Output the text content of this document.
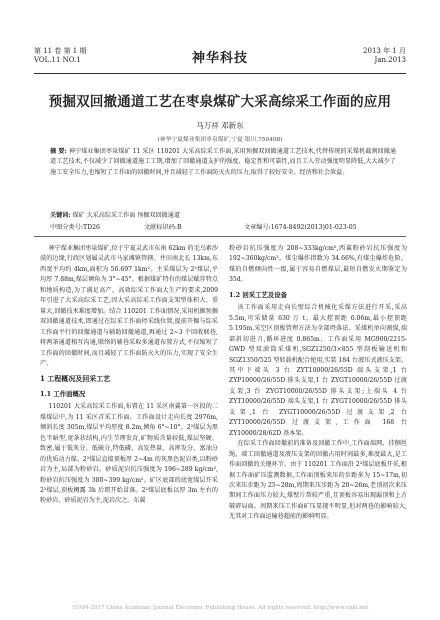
第 11 卷 第 1 期
VOL.11 NO.1	神华科技	2013 年 1 月
Jan.2013
预掘双回撤通道工艺在枣泉煤矿大采高综采工作面的应用
马万祥 邓新东
(神华宁夏煤业集团枣泉煤矿,宁夏 银川,750408)
摘 要: 神宁煤业集团枣泉煤矿 11 采区 110201 大采高综采工作面,采用预掘双回撤通道工艺技术,代替传统的采煤机截割回撤通道工艺技术,不仅减少了回撤通道施工工期,增加了回撤通道支护的强度、稳定性和可靠性,而且工人劳动强度明显降低,大大减少了施工安全压力,也缩短了工作面的回撤时间,并且减轻了工作面防灭火的压力,取得了较好安全、经济和社会效益。
关键词: 煤矿 大采高综采工作面 预掘双回撤通道
中图分类号:TD26	文献标识码:B	文章编号:1674-8492(2013)01-023-05

神宁煤业集团枣泉煤矿,位于宁夏灵武市东南 62km 的毛乌素沙漠的边缘,行政区划属灵武市马家滩镇管辖。井田南北长 13km,东西宽平均约 4km,面积为 56.697 1km²。主采煤层为 2²煤层,平均厚 7.88m,煤层倾角为 3°~45°。根据煤矿特有的煤层赋存特点和地质构造,为了满足高产、高效综采工作面大生产的要求,2009 年引进了大采高综采工艺,因大采高综采工作面支架型体积大、重量大,回撤技术难度增加。结合 110201 工作面情况,采用机掘预掘双回撤通道技术,即通过在综采工作面停采线位置,提前开掘与综采工作面平行的回撤通道与辅助回撤通道,再通过 2~3 个回收联巷,将两条通道相互沟通,联络的辅巷采取多通道布置方式,不仅缩短了工作面的回撤时间,而且减轻了工作面防灭火的压力,实现了安全生产。

1 工程概况及回采工艺
1.1 工作面概况

110201 大采高综采工作面,布置在 11 采区南翼第一区段的二煤煤层中,为 11 采区首采工作面。工作面设计走向长度 2976m,倾斜长度 305m,煤层平均厚度 8.2m,倾角 6°~10°。2²煤层为黑色半暗型,宽条状结构,内生节理发育,矿物质含量较低,煤层坚硬、致密,属于低灰分、低硫分,特低磷、高发热量、高挥发分、富油分的优质动力煤。2²煤层直接顶板厚 2~4m 的灰黑色泥岩类,以粉砂岩为主,局部为粉砂岩。砂质泥岩抗压强度为 196~289 kg/cm²,粉砂岩抗压强度为 380~399 kg/cm²。矿区底部的底宽煤层开采 2²煤层,顶板稠露 3h 后即开始冒落。2²煤层底板以厚 3m 左右的粉砂岩、砂质泥岩为主,泥岩次之。东翼

粉砂岩抗压强度为 208~333kg/cm²,西翼粉砂岩抗压强度为 192~360kg/cm²。煤尘爆炸指数为 34.66%,有煤尘爆炸危险。煤的自燃倾向性一级,属于容易自燃煤层,最短自燃发火期鉴定为 35d。

1.2 回采工艺及设备

该工作面采用走向长壁综合机械化采煤方法进行开采,采高 5.5m,可采储量 630 万 t。最大控顶距 6.06m,最小控顶距 5.195m,采空区顶板管理方法为全部垮落法。采煤机单向割煤,端部斜切进刀,循环进度 0.865m。工作面采用 MG900/2215-GWD 型双滚筒采煤机,SGZ1250/3×855 型刮板输送机和 SGZ1350/525 型转载机配合使用,实装 184 台液压式液压支架。其中下端头 3 台 ZYT10000/26/55D 端头支架,1 台 ZYP10000/26/55D 排头支架,1 台 ZYGT10000/26/55D 过渡支架,3 台 ZYGT10000/26/55D 排头支架;上端头 4 台 ZYT10000/26/55D 端头支架,1 台 ZYGT10000/26/55D 排头支架,1 台 ZYGT10000/26/55D 过渡支架,2 台 ZYT10000/26/55D 过渡支架,工作面 168 台 ZY10000/28/62D 基本架。

在综采工作面回撤前的准备及回撤工作中,工作面端网、挂侧丝绳、端工回撤通道及液压支架的回撤占用时间最多,难度最大,是工作面回撤的关键环节。由于 110201 工作面沿 2²煤层底板开采,根据工作面矿压监测数据,工作面顶板来压的步距多为 15~17m,初次来压步距为 25~28m,周期来压步距为 20~26m,老顶初次来压期间工作面压力较大,煤壁片帮较严重,且顶板容易出现漏顶和上方破碎局面。周期来压工作面矿压显现不明显,但对两巷的影响较大,尤其对工作面运输巷超前的影响明显。

?1994-2017 China Academic Journal Electronic Publishing House. All rights reserved. http://www.cnki.net
